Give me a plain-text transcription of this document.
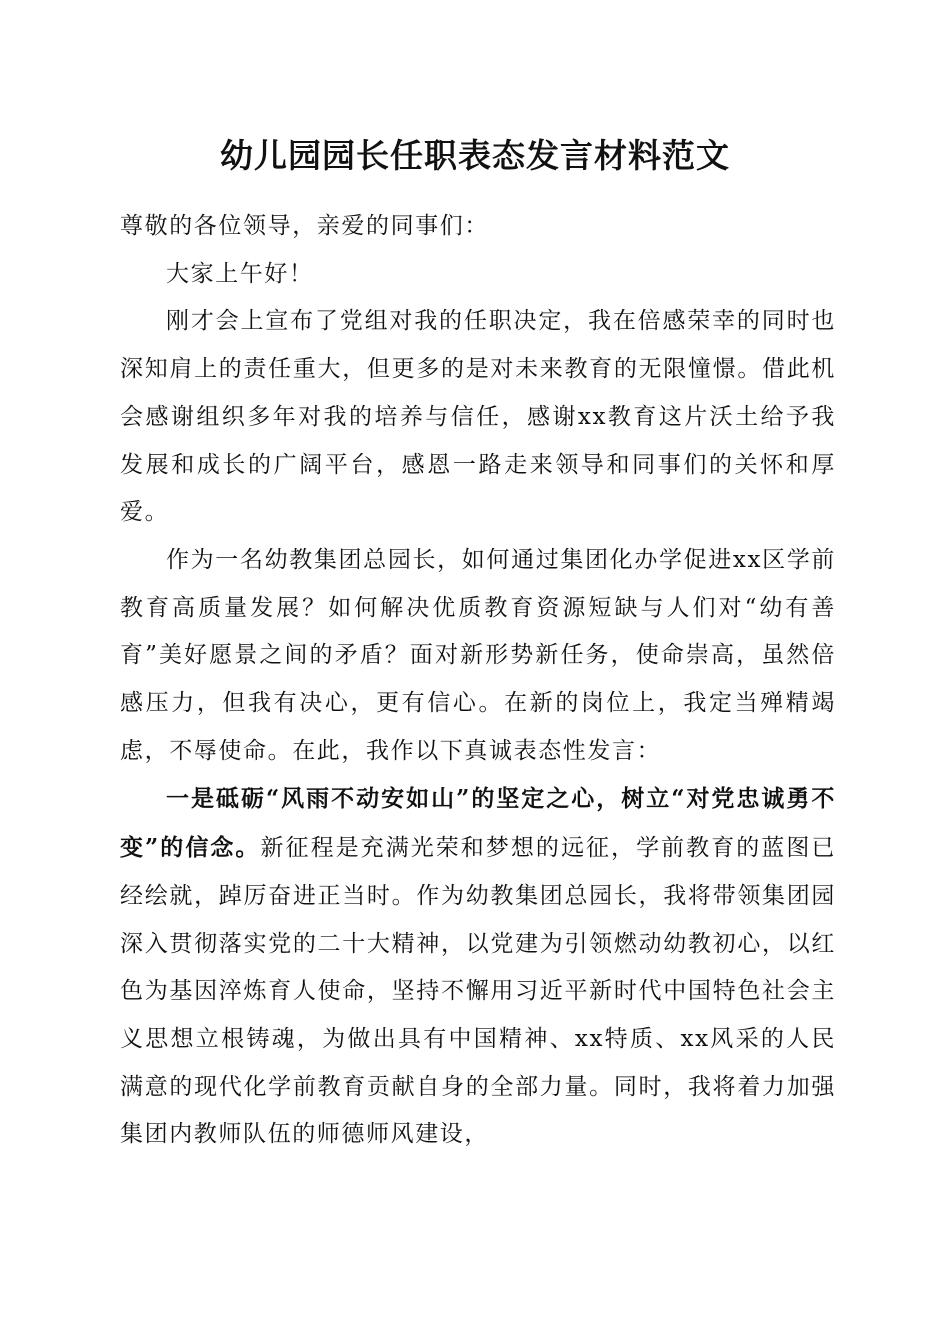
幼儿园园长任职表态发言材料范文

尊敬的各位领导，亲爱的同事们：

大家上午好！

刚才会上宣布了党组对我的任职决定，我在倍感荣幸的同时也深知肩上的责任重大，但更多的是对未来教育的无限憧憬。借此机会感谢组织多年对我的培养与信任，感谢xx教育这片沃土给予我发展和成长的广阔平台，感恩一路走来领导和同事们的关怀和厚爱。

作为一名幼教集团总园长，如何通过集团化办学促进xx区学前教育高质量发展？如何解决优质教育资源短缺与人们对“幼有善育”美好愿景之间的矛盾？面对新形势新任务，使命崇高，虽然倍感压力，但我有决心，更有信心。在新的岗位上，我定当殚精竭虑，不辱使命。在此，我作以下真诚表态性发言：

一是砥砺“风雨不动安如山”的坚定之心，树立“对党忠诚勇不变”的信念。新征程是充满光荣和梦想的远征，学前教育的蓝图已经绘就，踔厉奋进正当时。作为幼教集团总园长，我将带领集团园深入贯彻落实党的二十大精神，以党建为引领燃动幼教初心，以红色为基因淬炼育人使命，坚持不懈用习近平新时代中国特色社会主义思想立根铸魂，为做出具有中国精神、xx特质、xx风采的人民满意的现代化学前教育贡献自身的全部力量。同时，我将着力加强集团内教师队伍的师德师风建设，
